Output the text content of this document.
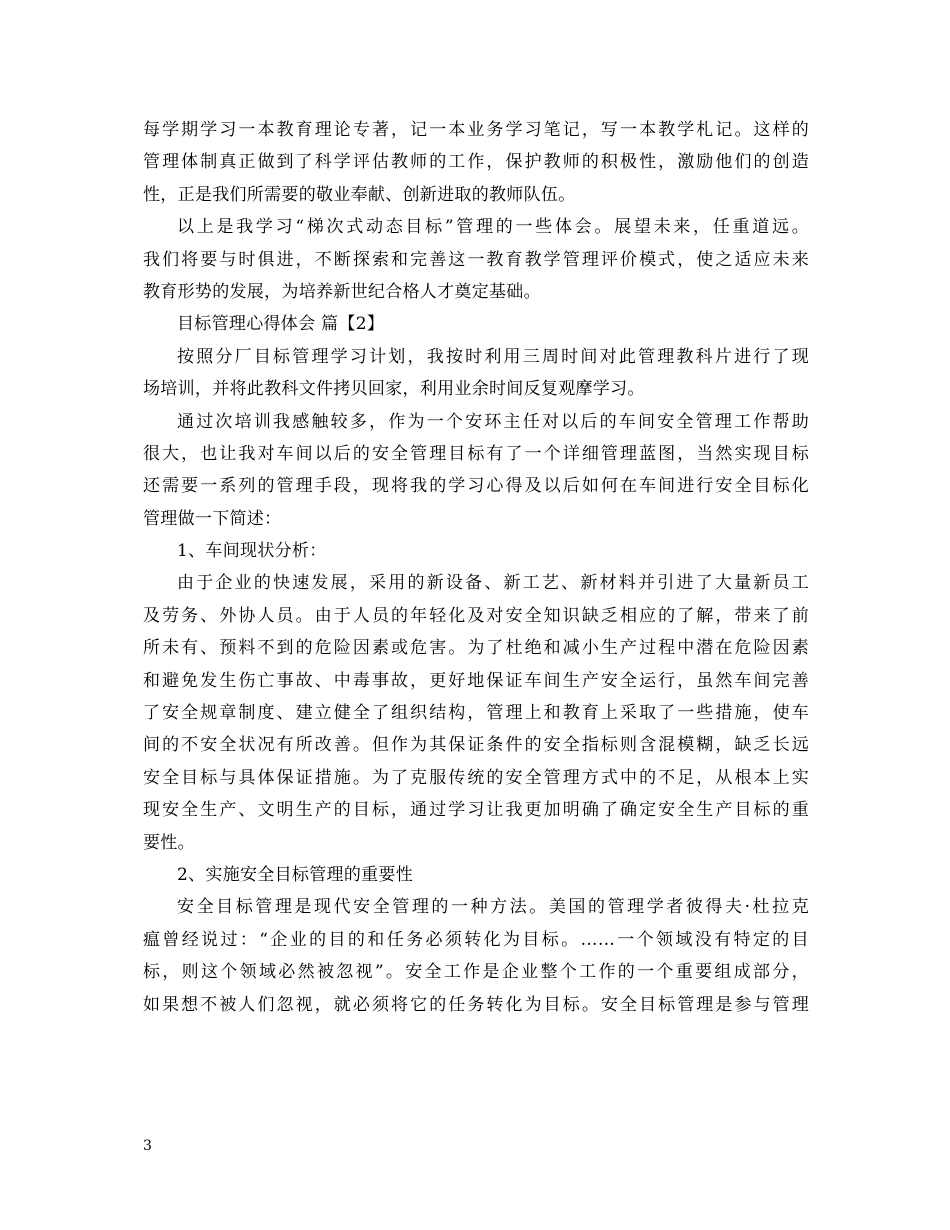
每学期学习一本教育理论专著，记一本业务学习笔记，写一本教学札记。这样的
管理体制真正做到了科学评估教师的工作，保护教师的积极性，激励他们的创造
性，正是我们所需要的敬业奉献、创新进取的教师队伍。
以上是我学习“梯次式动态目标”管理的一些体会。展望未来，任重道远。
我们将要与时俱进，不断探索和完善这一教育教学管理评价模式，使之适应未来
教育形势的发展，为培养新世纪合格人才奠定基础。
目标管理心得体会 篇【2】
按照分厂目标管理学习计划，我按时利用三周时间对此管理教科片进行了现
场培训，并将此教科文件拷贝回家，利用业余时间反复观摩学习。
通过次培训我感触较多，作为一个安环主任对以后的车间安全管理工作帮助
很大，也让我对车间以后的安全管理目标有了一个详细管理蓝图，当然实现目标
还需要一系列的管理手段，现将我的学习心得及以后如何在车间进行安全目标化
管理做一下简述：
1、车间现状分析：
由于企业的快速发展，采用的新设备、新工艺、新材料并引进了大量新员工
及劳务、外协人员。由于人员的年轻化及对安全知识缺乏相应的了解，带来了前
所未有、预料不到的危险因素或危害。为了杜绝和减小生产过程中潜在危险因素
和避免发生伤亡事故、中毒事故，更好地保证车间生产安全运行，虽然车间完善
了安全规章制度、建立健全了组织结构，管理上和教育上采取了一些措施，使车
间的不安全状况有所改善。但作为其保证条件的安全指标则含混模糊，缺乏长远
安全目标与具体保证措施。为了克服传统的安全管理方式中的不足，从根本上实
现安全生产、文明生产的目标，通过学习让我更加明确了确定安全生产目标的重
要性。
2、实施安全目标管理的重要性
安全目标管理是现代安全管理的一种方法。美国的管理学者彼得夫·杜拉克
瘟曾经说过：“企业的目的和任务必须转化为目标。……一个领域没有特定的目
标，则这个领域必然被忽视”。安全工作是企业整个工作的一个重要组成部分，
如果想不被人们忽视，就必须将它的任务转化为目标。安全目标管理是参与管理
3
